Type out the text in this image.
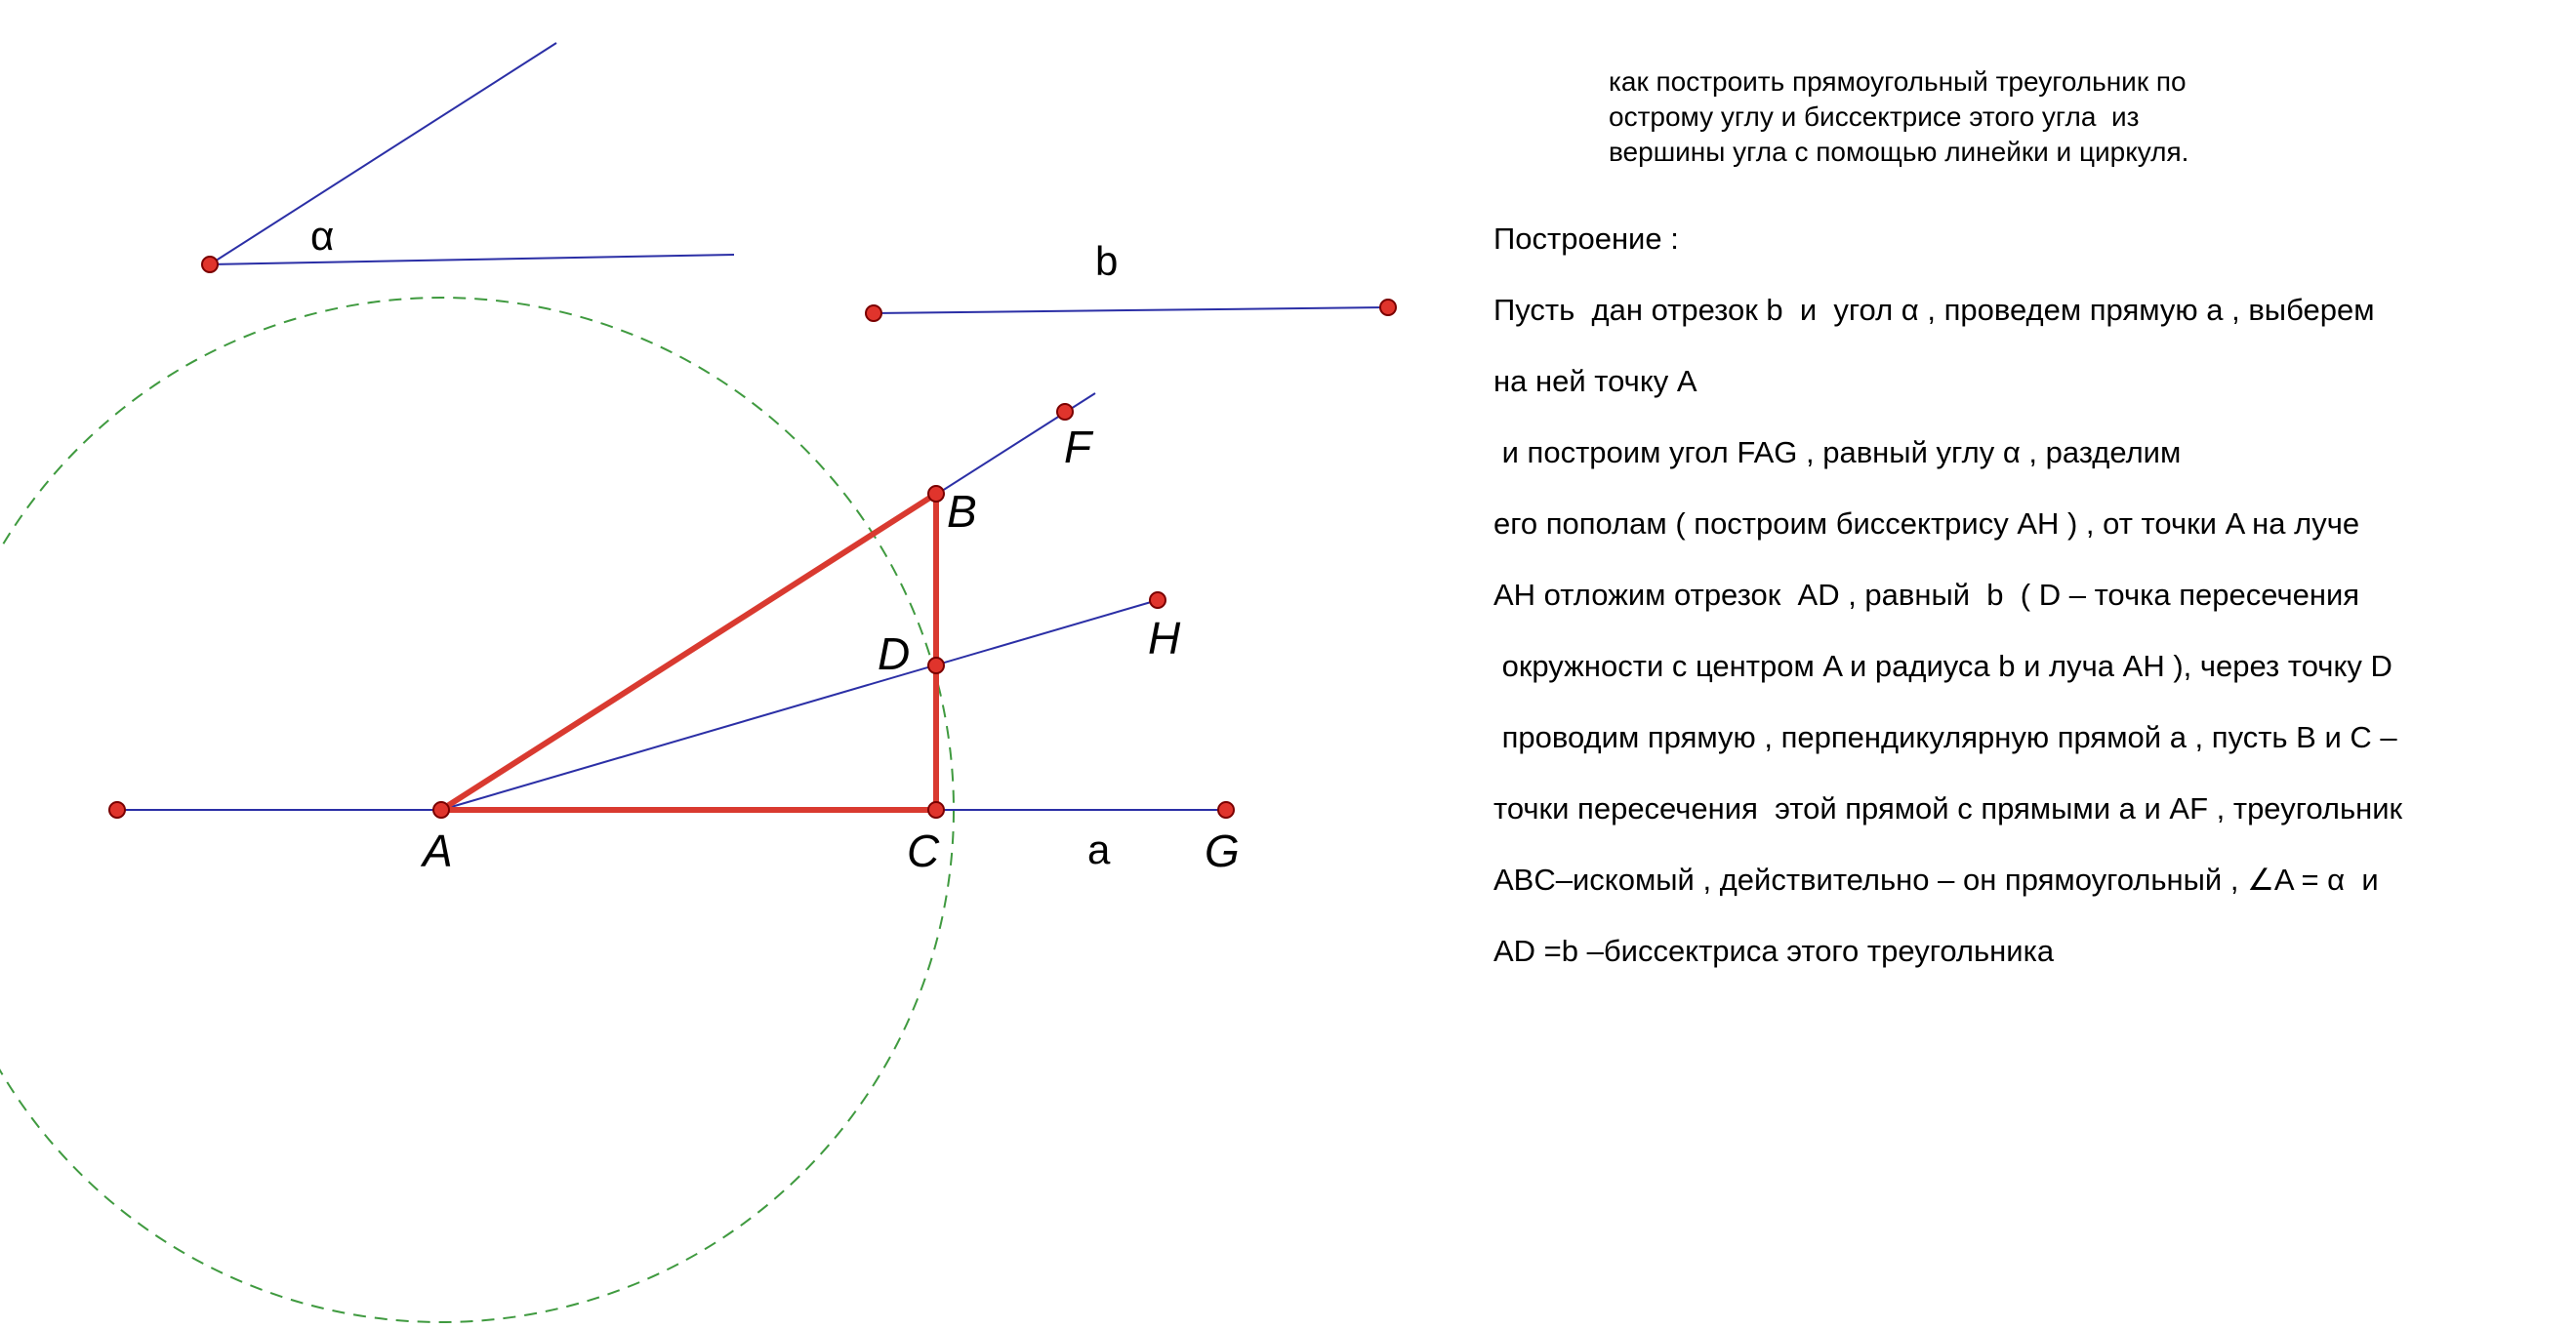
α
b
a
A
B
C
D
F
G
H
как построить прямоугольный треугольник по
острому углу и биссектрисе этого угла  из
вершины угла с помощью линейки и циркуля.
Построение :
Пусть  дан отрезок b  и  угол α , проведем прямую a , выберем
на ней точку A
и построим угол FAG , равный углу α , разделим
его пополам ( построим биссектрису AH ) , от точки A на луче
AH отложим отрезок  AD , равный  b  ( D – точка пересечения
окружности с центром A и радиуса b и луча AH ), через точку D
проводим прямую , перпендикулярную прямой a , пусть B и C –
точки пересечения  этой прямой с прямыми a и AF , треугольник
ABC–искомый , действительно – он прямоугольный , ∠A = α  и
AD =b –биссектриса этого треугольника
